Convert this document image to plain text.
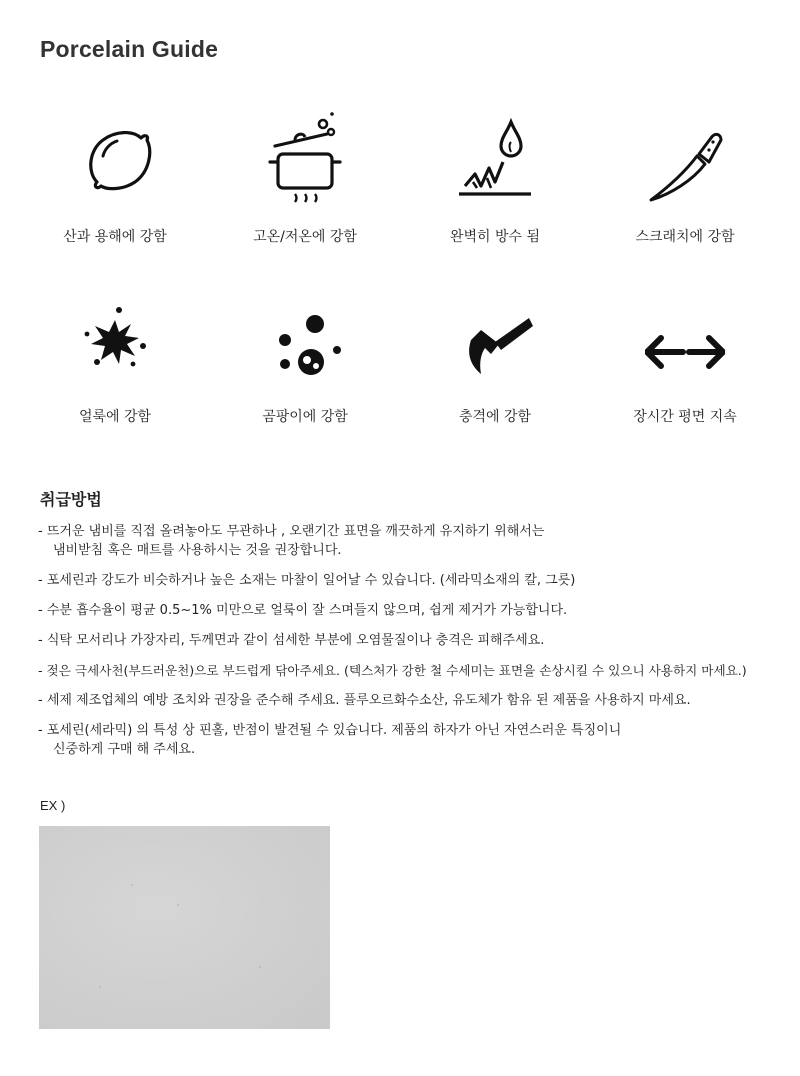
Porcelain Guide
산과 용해에 강함	고온/저온에 강함	완벽히 방수 됨	스크래치에 강함
얼룩에 강함	곰팡이에 강함	충격에 강함	장시간 평면 지속
취급방법
- 뜨거운 냄비를 직접 올려놓아도 무관하나 , 오랜기간 표면을 깨끗하게 유지하기 위해서는
냄비받침 혹은 매트를 사용하시는 것을 권장합니다.
- 포세린과 강도가 비슷하거나 높은 소재는 마찰이 일어날 수 있습니다. (세라믹소재의 칼, 그릇)
- 수분 흡수율이 평균 0.5~1% 미만으로 얼룩이 잘 스며들지 않으며, 쉽게 제거가 가능합니다.
- 식탁 모서리나 가장자리, 두께면과 같이 섬세한 부분에 오염물질이나 충격은 피해주세요.
- 젖은 극세사천(부드러운천)으로 부드럽게 닦아주세요. (텍스처가 강한 철 수세미는 표면을 손상시킬 수 있으니 사용하지 마세요.)
- 세제 제조업체의 예방 조치와 권장을 준수해 주세요. 플루오르화수소산, 유도체가 함유 된 제품을 사용하지 마세요.
- 포세린(세라믹) 의 특성 상 핀홀, 반점이 발견될 수 있습니다. 제품의 하자가 아닌 자연스러운 특징이니
신중하게 구매 해 주세요.
EX )
